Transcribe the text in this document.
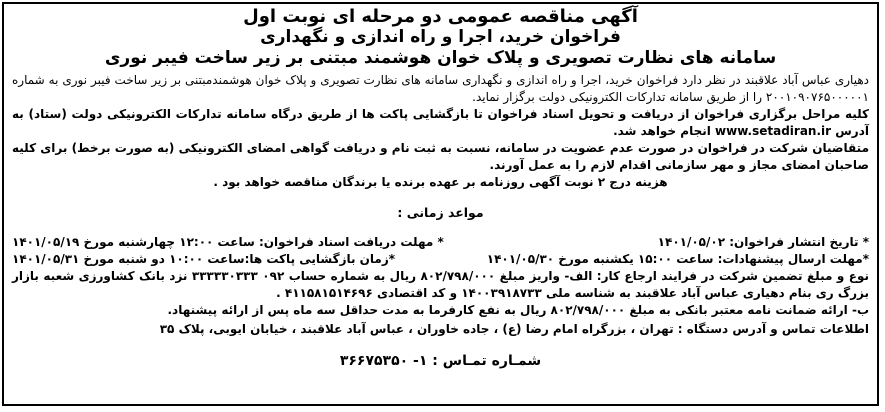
آگهی مناقصه عمومی دو مرحله ای نوبت اول

فراخوان خرید، اجرا و راه اندازی و نگهداری

سامانه های نظارت تصویری و پلاک خوان هوشمند مبتنی بر زیر ساخت فیبر نوری

دهیاری عباس آباد علاقبند در نظر دارد فراخوان خرید، اجرا و راه اندازی و نگهداری سامانه های نظارت تصویری و پلاک خوان هوشمندمبتنی بر زیر ساخت فیبر نوری به شماره ۲۰۰۱۰۹۰۷۶۵۰۰۰۰۰۱ را از طریق سامانه تدارکات الکترونیکی دولت برگزار نماید.

کلیه مراحل برگزاری فراخوان از دریافت و تحویل اسناد فراخوان تا بازگشایی پاکت ها از طریق درگاه سامانه تدارکات الکترونیکی دولت (ستاد) به آدرس www.setadiran.ir انجام خواهد شد.

متقاضیان شرکت در فراخوان در صورت عدم عضویت در سامانه، نسبت به ثبت نام و دریافت گواهی امضای الکترونیکی (به صورت برخط) برای کلیه صاحبان امضای مجاز و مهر سازمانی اقدام لازم را به عمل آورند.

هزینه درج ۲ نوبت آگهی روزنامه بر عهده برنده یا برندگان مناقصه خواهد بود .

مواعد زمانی :

* تاریخ انتشار فراخوان: ۱۴۰۱/۰۵/۰۲
* مهلت دریافت اسناد فراخوان: ساعت ۱۲:۰۰ چهارشنبه مورخ ۱۴۰۱/۰۵/۱۹
*مهلت ارسال پیشنهادات: ساعت ۱۵:۰۰ یکشنبه مورخ ۱۴۰۱/۰۵/۳۰
*زمان بازگشایی پاکت ها:ساعت ۱۰:۰۰ دو شنبه مورخ ۱۴۰۱/۰۵/۳۱

نوع و مبلغ تضمین شرکت در فرایند ارجاع کار: الف- واریز مبلغ ۸۰۲/۷۹۸/۰۰۰ ریال به شماره حساب ۰۹۲ ۳۳۳۳۳۰۳۳۳ نزد بانک کشاورزی شعبه بازار بزرگ ری بنام دهیاری عباس آباد علاقبند به شناسه ملی ۱۴۰۰۳۹۱۸۷۳۳ و کد اقتصادی ۴۱۱۵۸۱۵۱۴۶۹۶ .

ب- ارائه ضمانت نامه معتبر بانکی به مبلغ ۸۰۲/۷۹۸/۰۰۰ ریال به نفع کارفرما به مدت حداقل سه ماه پس از ارائه پیشنهاد.

اطلاعات تماس و آدرس دستگاه : تهران ، بزرگراه امام رضا (ع) ، جاده خاوران ، عباس آباد علاقبند ، خیابان ایوبی، پلاک ۳۵

شمـاره تمـاس : ۱- ۳۶۶۷۵۳۵۰
